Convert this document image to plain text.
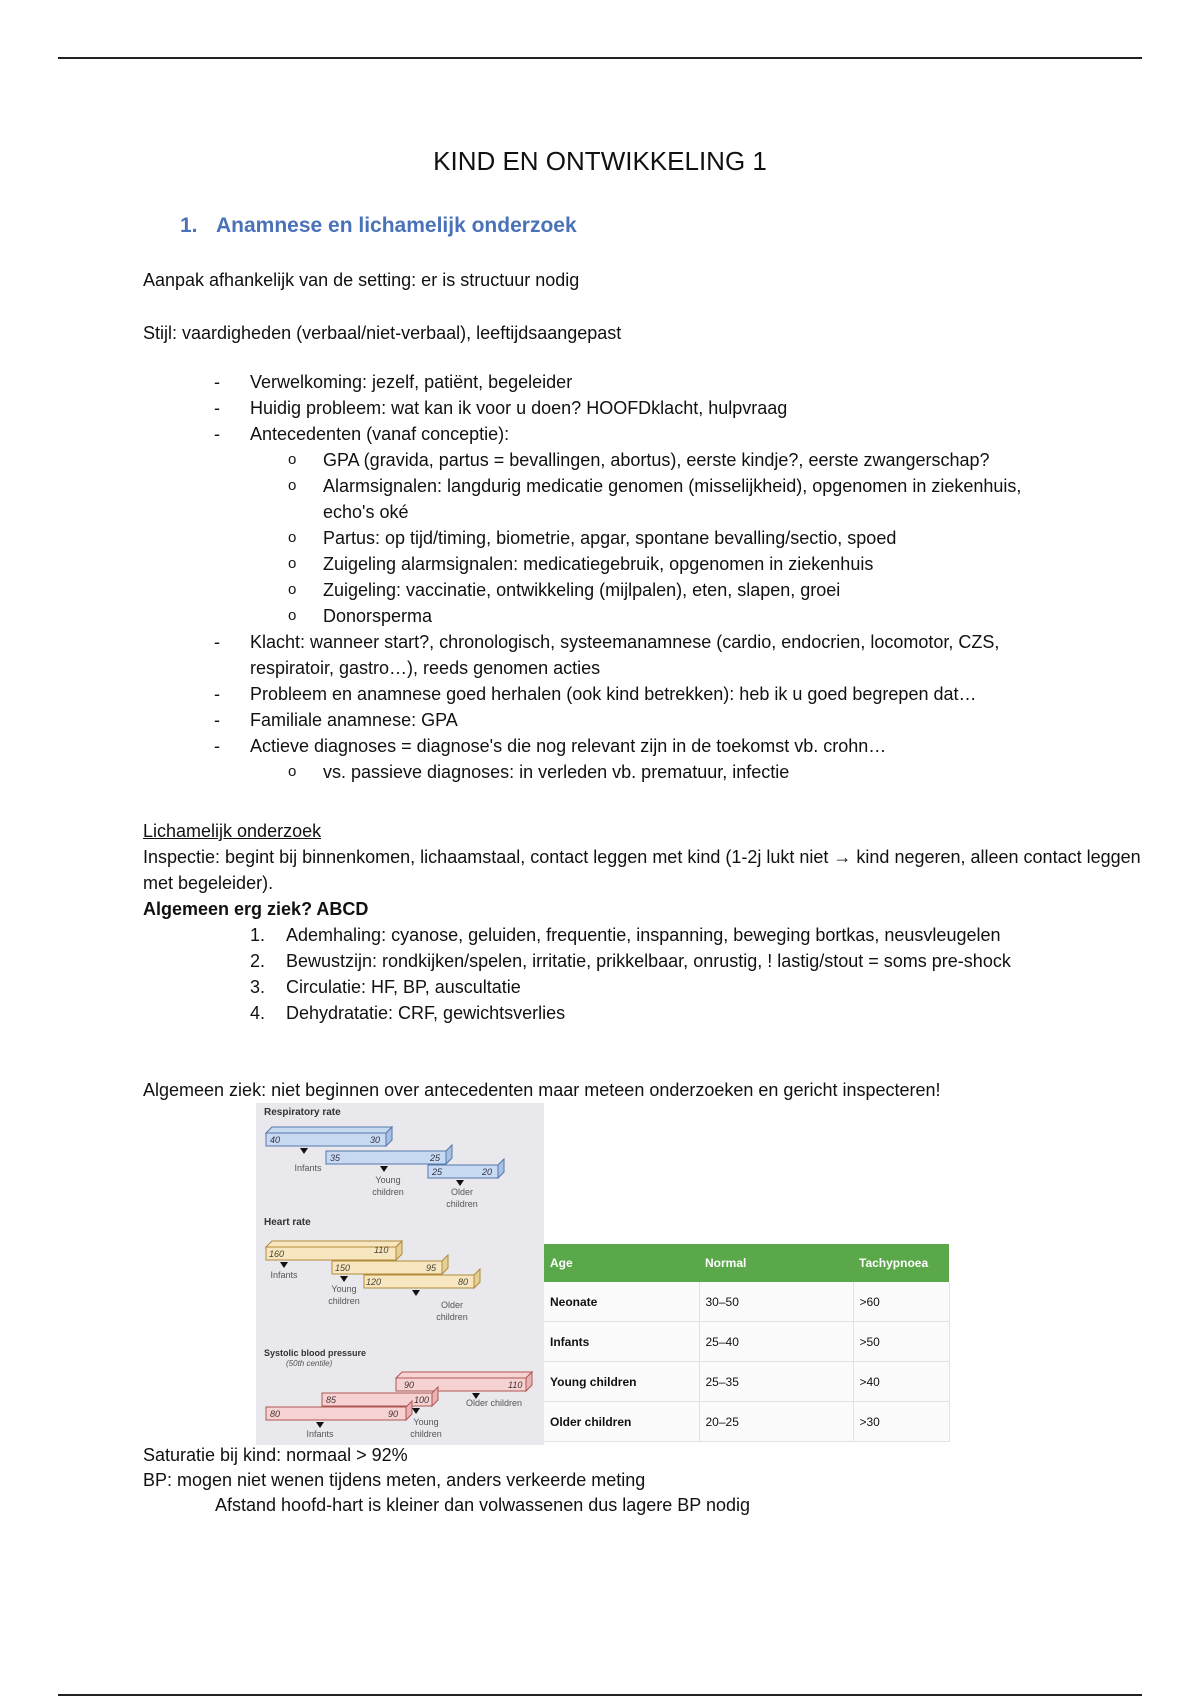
KIND EN ONTWIKKELING 1
1. Anamnese en lichamelijk onderzoek
Aanpak afhankelijk van de setting: er is structuur nodig
Stijl: vaardigheden (verbaal/niet-verbaal), leeftijdsaangepast
- Verwelkoming: jezelf, patiënt, begeleider
- Huidig probleem: wat kan ik voor u doen? HOOFDklacht, hulpvraag
- Antecedenten (vanaf conceptie):
o GPA (gravida, partus = bevallingen, abortus), eerste kindje?, eerste zwangerschap?
o Alarmsignalen: langdurig medicatie genomen (misselijkheid), opgenomen in ziekenhuis, echo's oké
o Partus: op tijd/timing, biometrie, apgar, spontane bevalling/sectio, spoed
o Zuigeling alarmsignalen: medicatiegebruik, opgenomen in ziekenhuis
o Zuigeling: vaccinatie, ontwikkeling (mijlpalen), eten, slapen, groei
o Donorsperma
- Klacht: wanneer start?, chronologisch, systeemanamnese (cardio, endocrien, locomotor, CZS, respiratoir, gastro…), reeds genomen acties
- Probleem en anamnese goed herhalen (ook kind betrekken): heb ik u goed begrepen dat…
- Familiale anamnese: GPA
- Actieve diagnoses = diagnose's die nog relevant zijn in de toekomst vb. crohn…
o vs. passieve diagnoses: in verleden vb. prematuur, infectie
Lichamelijk onderzoek
Inspectie: begint bij binnenkomen, lichaamstaal, contact leggen met kind (1-2j lukt niet → kind negeren, alleen contact leggen met begeleider).
Algemeen erg ziek? ABCD
1. Ademhaling: cyanose, geluiden, frequentie, inspanning, beweging bortkas, neusvleugelen
2. Bewustzijn: rondkijken/spelen, irritatie, prikkelbaar, onrustig, ! lastig/stout = soms pre-shock
3. Circulatie: HF, BP, auscultatie
4. Dehydratatie: CRF, gewichtsverlies
Algemeen ziek: niet beginnen over antecedenten maar meteen onderzoeken en gericht inspecteren!
Respiratory rate
40	30
35	25
25	20
Infants
Young
children	Older
children
Heart rate
160	110
150	95
120	80
Infants
Young
children	Older
children
Systolic blood pressure
(50th centile)
90	110
85	100
80	90
Older children
Infants
Young
children
Age	Normal	Tachypnoea
Neonate	30–50	>60
Infants	25–40	>50
Young children	25–35	>40
Older children	20–25	>30
Saturatie bij kind: normaal > 92%
BP: mogen niet wenen tijdens meten, anders verkeerde meting
Afstand hoofd-hart is kleiner dan volwassenen dus lagere BP nodig
